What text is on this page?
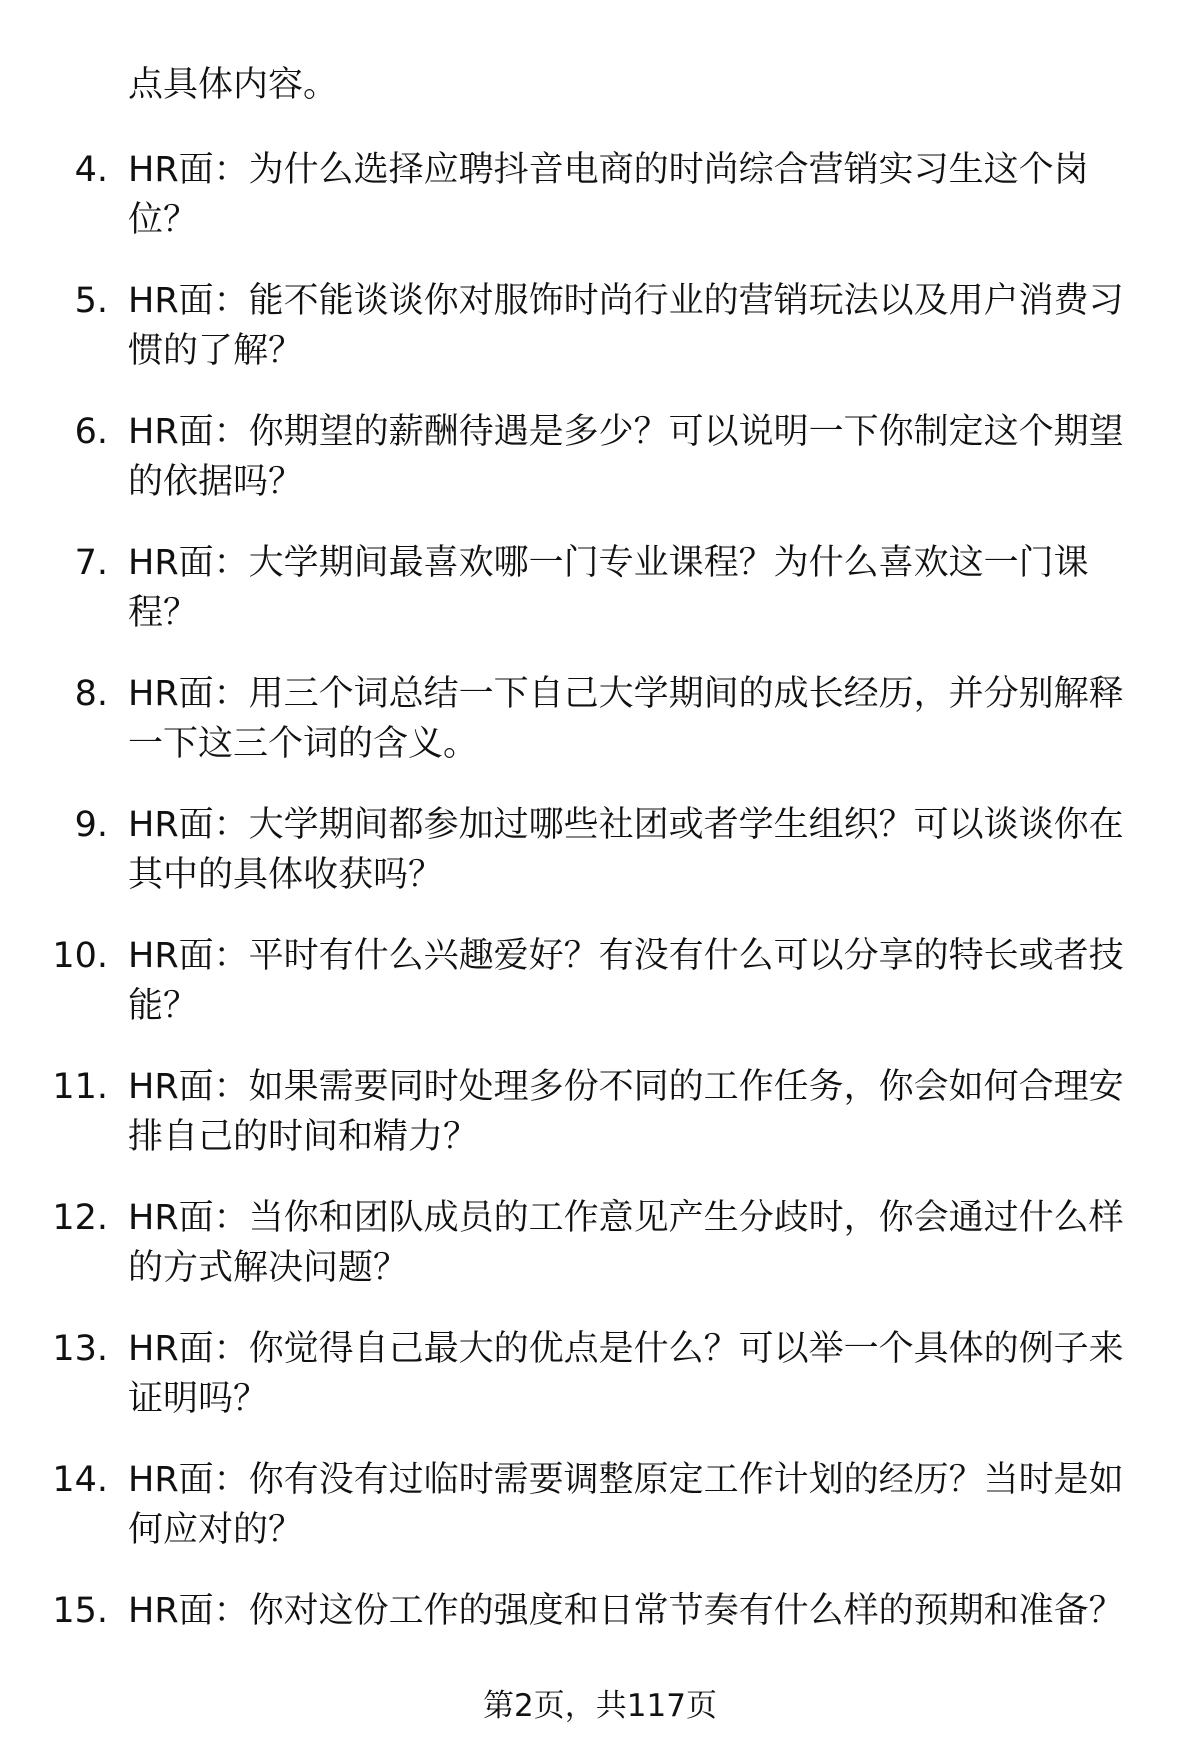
点具体内容。

4. HR面：为什么选择应聘抖音电商的时尚综合营销实习生这个岗位？
5. HR面：能不能谈谈你对服饰时尚行业的营销玩法以及用户消费习惯的了解？
6. HR面：你期望的薪酬待遇是多少？可以说明一下你制定这个期望的依据吗？
7. HR面：大学期间最喜欢哪一门专业课程？为什么喜欢这一门课程？
8. HR面：用三个词总结一下自己大学期间的成长经历，并分别解释一下这三个词的含义。
9. HR面：大学期间都参加过哪些社团或者学生组织？可以谈谈你在其中的具体收获吗？
10. HR面：平时有什么兴趣爱好？有没有什么可以分享的特长或者技能？
11. HR面：如果需要同时处理多份不同的工作任务，你会如何合理安排自己的时间和精力？
12. HR面：当你和团队成员的工作意见产生分歧时，你会通过什么样的方式解决问题？
13. HR面：你觉得自己最大的优点是什么？可以举一个具体的例子来证明吗？
14. HR面：你有没有过临时需要调整原定工作计划的经历？当时是如何应对的？
15. HR面：你对这份工作的强度和日常节奏有什么样的预期和准备？
第2页，共117页
